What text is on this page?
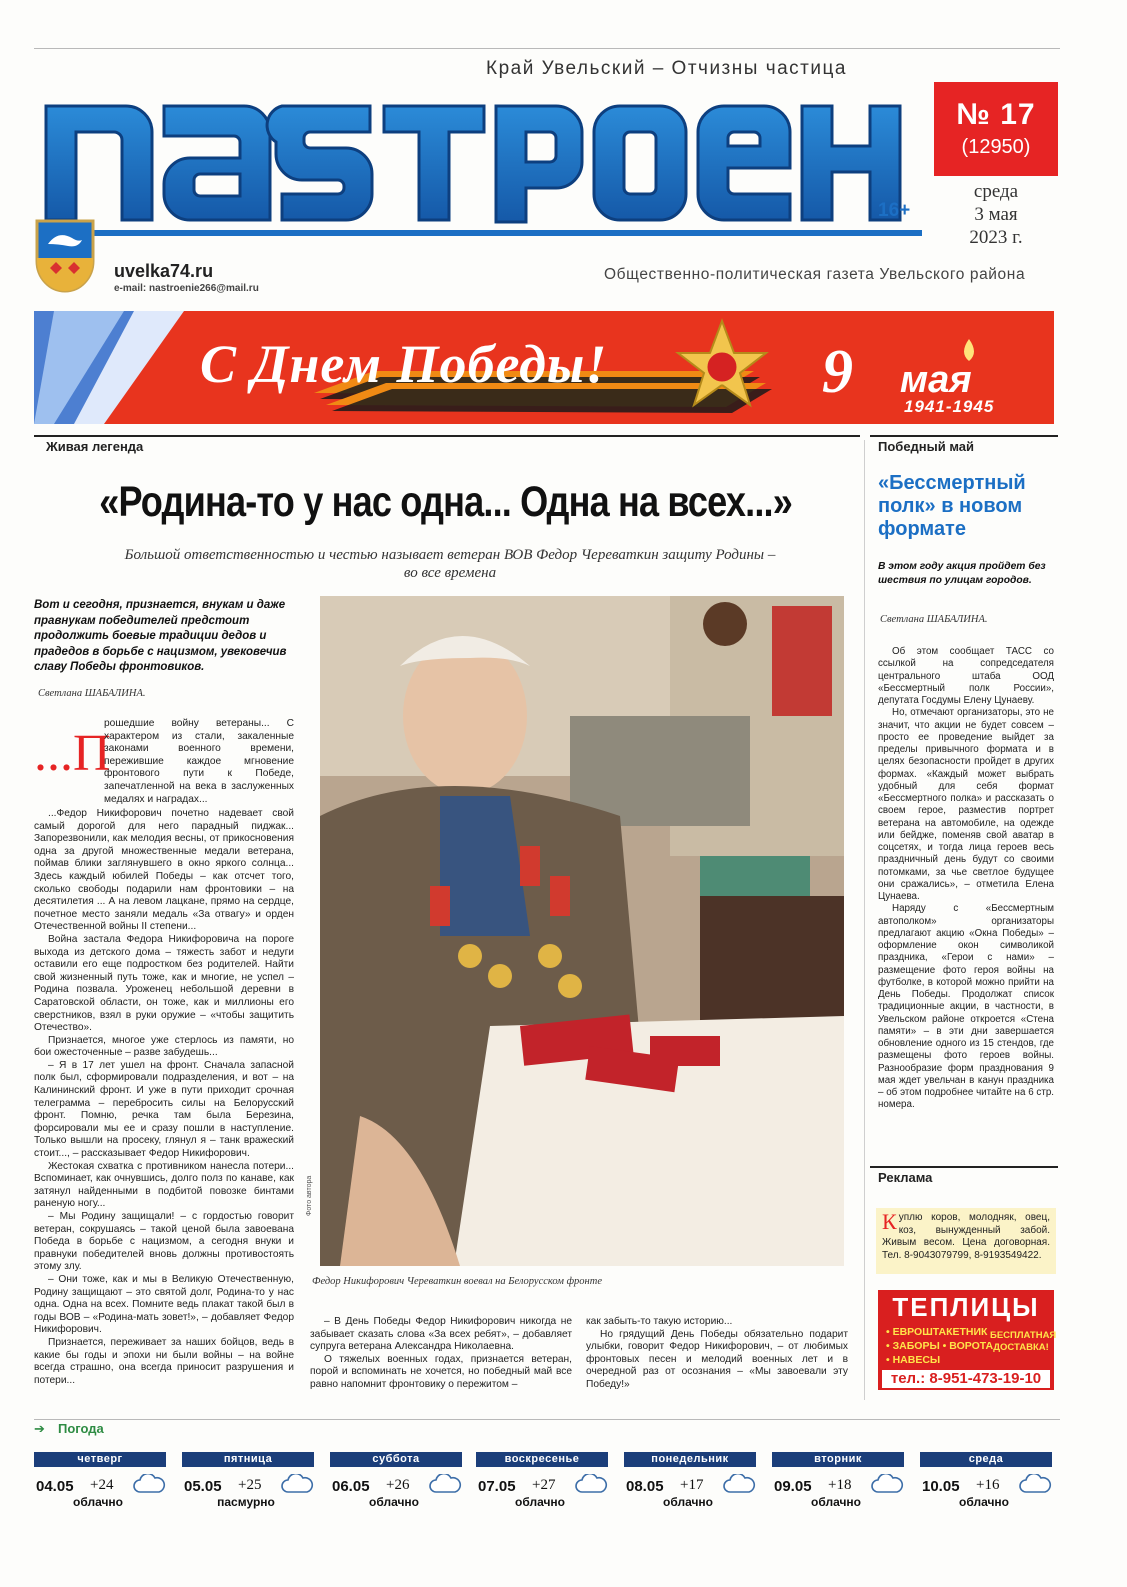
Край Увельский – Отчизны частица
16+
№ 17
(12950)
среда
3 мая
2023 г.
uvelka74.ru
e-mail: nastroenie266@mail.ru
Общественно-политическая газета Увельского района
С Днем Победы!	9 мая
1941-1945
Живая легенда	Победный май
«Родина-то у нас одна... Одна на всех...»
Большой ответственностью и честью называет ветеран ВОВ Федор Череваткин защиту Родины – во все времена
Вот и сегодня, признается, внукам и даже правнукам победителей предстоит продолжить боевые традиции дедов и прадедов в борьбе с нацизмом, увековечив славу Победы фронтовиков.
Светлана ШАБАЛИНА.
...П

рошедшие войну ветераны... С характером из стали, закаленные законами военного времени, пережившие каждое мгновение фронтового пути к Победе, запечатленной на века в заслуженных медалях и наградах...

...Федор Никифорович почетно надевает свой самый дорогой для него парадный пиджак... Запорезвонили, как мелодия весны, от прикосновения одна за другой множественные медали ветерана, поймав блики заглянувшего в окно яркого солнца... Здесь каждый юбилей Победы – как отсчет того, сколько свободы подарили нам фронтовики – на десятилетия ... А на левом лацкане, прямо на сердце, почетное место заняли медаль «За отвагу» и орден Отечественной войны II степени...

Война застала Федора Никифоровича на пороге выхода из детского дома – тяжесть забот и недуги оставили его еще подростком без родителей. Найти свой жизненный путь тоже, как и многие, не успел – Родина позвала. Уроженец небольшой деревни в Саратовской области, он тоже, как и миллионы его сверстников, взял в руки оружие – «чтобы защитить Отечество».

Признается, многое уже стерлось из памяти, но бои ожесточенные – разве забудешь...

– Я в 17 лет ушел на фронт. Сначала запасной полк был, сформировали подразделения, и вот – на Калининский фронт. И уже в пути приходит срочная телеграмма – перебросить силы на Белорусский фронт. Помню, речка там была Березина, форсировали мы ее и сразу пошли в наступление. Только вышли на просеку, глянул я – танк вражеский стоит..., – рассказывает Федор Никифорович.

Жестокая схватка с противником нанесла потери... Вспоминает, как очнувшись, долго полз по канаве, как затянул найденными в подбитой повозке бинтами раненую ногу...

– Мы Родину защищали! – с гордостью говорит ветеран, сокрушаясь – такой ценой была завоевана Победа в борьбе с нацизмом, а сегодня внуки и правнуки победителей вновь должны противостоять этому злу.

– Они тоже, как и мы в Великую Отечественную, Родину защищают – это святой долг, Родина-то у нас одна. Одна на всех. Помните ведь плакат такой был в годы ВОВ – «Родина-мать зовет!», – добавляет Федор Никифорович.

Признается, переживает за наших бойцов, ведь в какие бы годы и эпохи ни были войны – на войне всегда страшно, она всегда приносит разрушения и потери...

Фото автора
Федор Никифорович Череваткин воевал на Белорусском фронте

– В День Победы Федор Никифорович никогда не забывает сказать слова «За всех ребят», – добавляет супруга ветерана Александра Николаевна.

О тяжелых военных годах, признается ветеран, порой и вспоминать не хочется, но победный май все равно напомнит фронтовику о пережитом –

как забыть-то такую историю...

Но грядущий День Победы обязательно подарит улыбки, говорит Федор Никифорович, – от любимых фронтовых песен и мелодий военных лет и в очередной раз от осознания – «Мы завоевали эту Победу!»

«Бессмертный полк» в новом формате
В этом году акция пройдет без шествия по улицам городов.
Светлана ШАБАЛИНА.

Об этом сообщает ТАСС со ссылкой на сопредседателя центрального штаба ООД «Бессмертный полк России», депутата Госдумы Елену Цунаеву.

Но, отмечают организаторы, это не значит, что акции не будет совсем – просто ее проведение выйдет за пределы привычного формата и в целях безопасности пройдет в других формах. «Каждый может выбрать удобный для себя формат «Бессмертного полка» и рассказать о своем герое, разместив портрет ветерана на автомобиле, на одежде или бейдже, поменяв свой аватар в соцсетях, и тогда лица героев весь праздничный день будут со своими потомками, за чье светлое будущее они сражались», – отметила Елена Цунаева.

Наряду с «Бессмертным автополком» организаторы предлагают акцию «Окна Победы» – оформление окон символикой праздника, «Герои с нами» – размещение фото героя войны на футболке, в которой можно прийти на День Победы. Продолжат список традиционные акции, в частности, в Увельском районе откроется «Стена памяти» – в эти дни завершается обновление одного из 15 стендов, где размещены фото героев войны. Разнообразие форм празднования 9 мая ждет увельчан в канун праздника – об этом подробнее читайте на 6 стр. номера.

Реклама
Куплю коров, молодняк, овец, коз, вынужденный забой. Живым весом. Цена договорная. Тел. 8-9043079799, 8-9193549422.
ТЕПЛИЦЫ
• ЕВРОШТАКЕТНИК
• ЗАБОРЫ • ВОРОТА
• НАВЕСЫ
БЕСПЛАТНАЯ ДОСТАВКА!
тел.: 8-951-473-19-10
➔ Погода
четверг
04.05 +24
облачно
пятница
05.05 +25
пасмурно
суббота
06.05 +26
облачно
воскресенье
07.05 +27
облачно
понедельник
08.05 +17
облачно
вторник
09.05 +18
облачно
среда
10.05 +16
облачно
